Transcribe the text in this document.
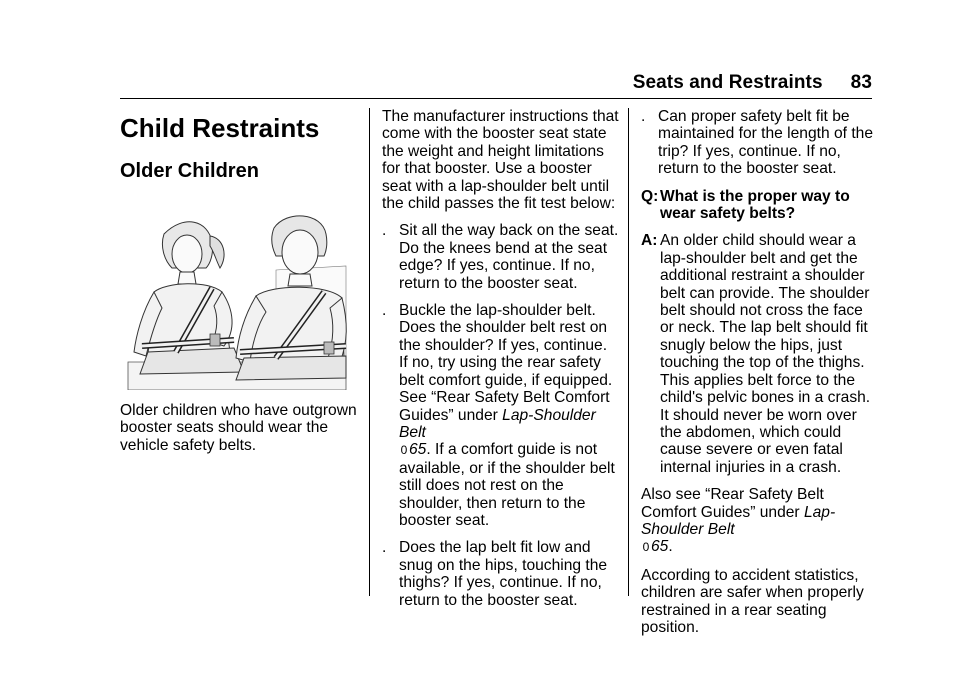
Seats and Restraints 83
Child Restraints
Older Children

Older children who have outgrown booster seats should wear the vehicle safety belts.

The manufacturer instructions that come with the booster seat state the weight and height limitations for that booster. Use a booster seat with a lap-shoulder belt until the child passes the fit test below:

. Sit all the way back on the seat. Do the knees bend at the seat edge? If yes, continue. If no, return to the booster seat.
. Buckle the lap-shoulder belt. Does the shoulder belt rest on the shoulder? If yes, continue. If no, try using the rear safety belt comfort guide, if equipped. See “Rear Safety Belt Comfort Guides” under Lap-Shoulder Belt
0 65. If a comfort guide is not available, or if the shoulder belt still does not rest on the shoulder, then return to the booster seat.
. Does the lap belt fit low and snug on the hips, touching the thighs? If yes, continue. If no, return to the booster seat.
. Can proper safety belt fit be maintained for the length of the trip? If yes, continue. If no, return to the booster seat.
Q: What is the proper way to wear safety belts?
A: An older child should wear a lap-shoulder belt and get the additional restraint a shoulder belt can provide. The shoulder belt should not cross the face or neck. The lap belt should fit snugly below the hips, just touching the top of the thighs. This applies belt force to the child's pelvic bones in a crash. It should never be worn over the abdomen, which could cause severe or even fatal internal injuries in a crash.

Also see “Rear Safety Belt Comfort Guides” under Lap-Shoulder Belt
0 65.

According to accident statistics, children are safer when properly restrained in a rear seating position.
